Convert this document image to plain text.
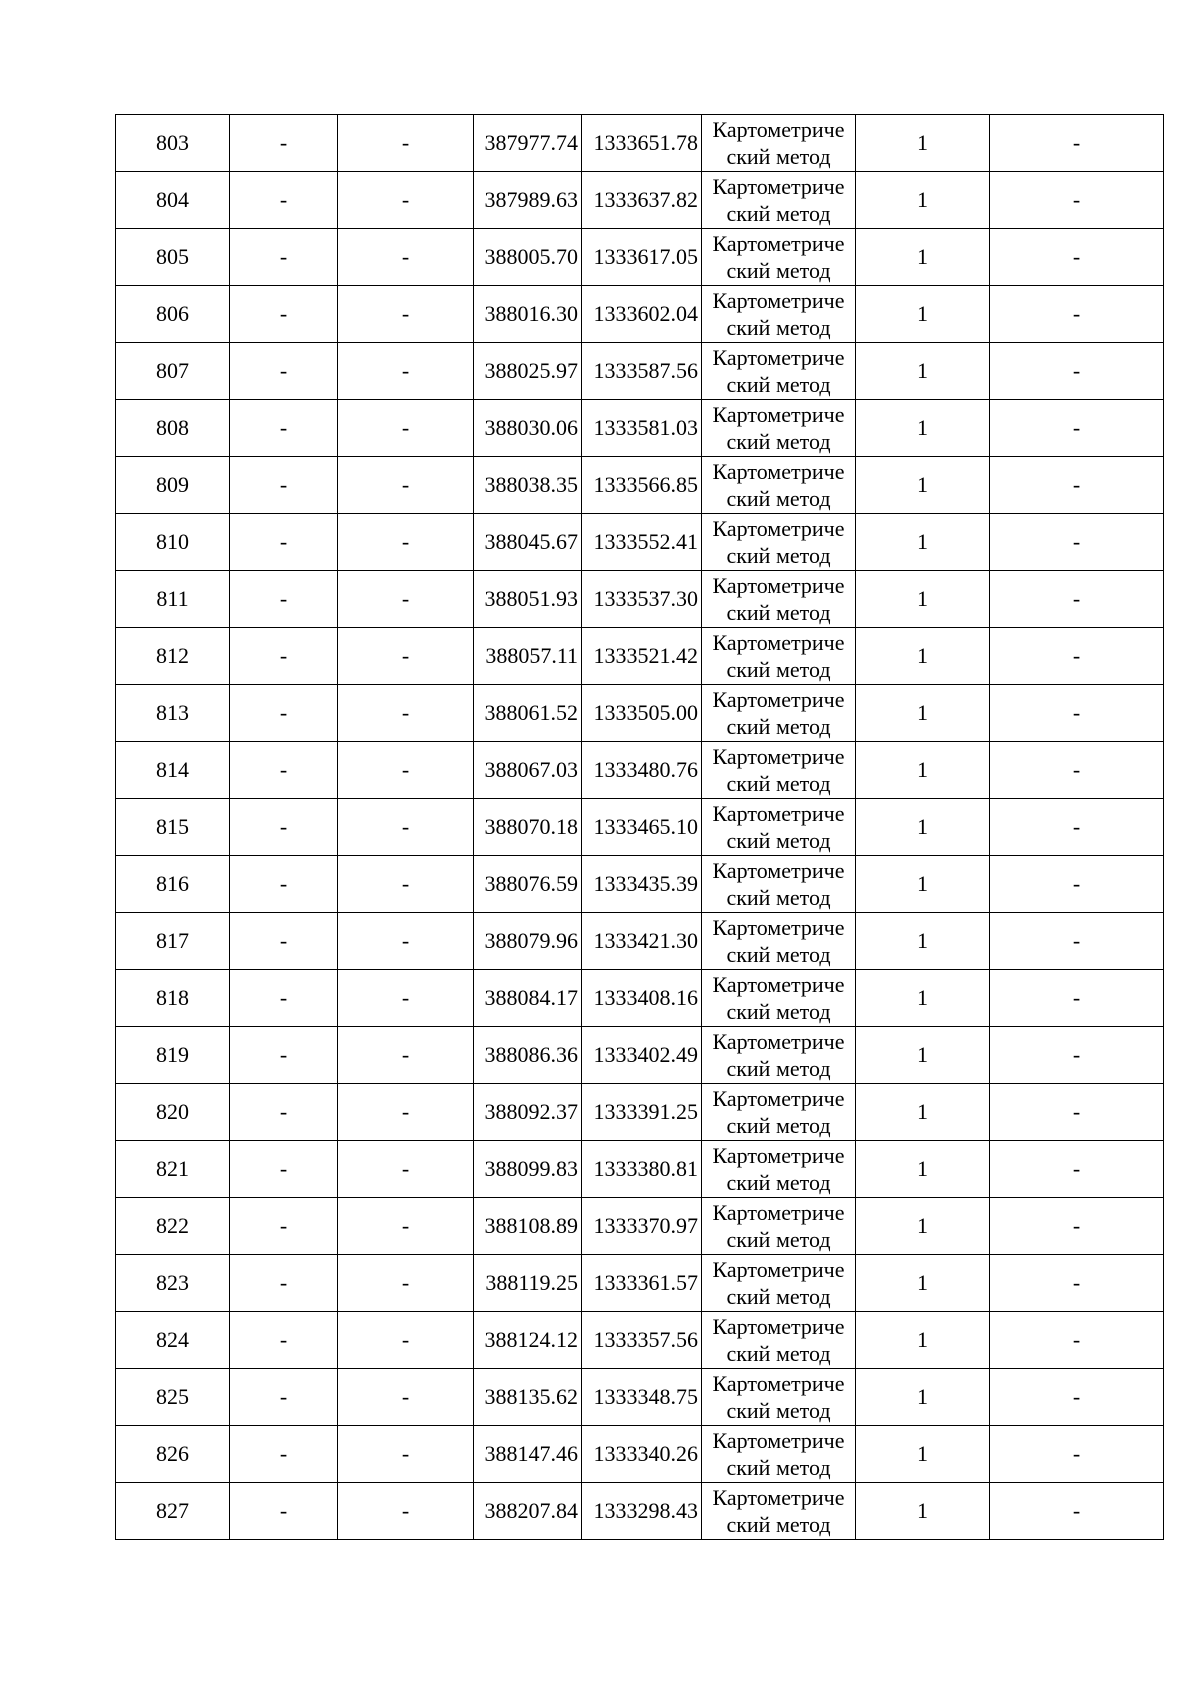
803	-	-	387977.74	1333651.78	Картометриче
ский метод	1	-
804	-	-	387989.63	1333637.82	Картометриче
ский метод	1	-
805	-	-	388005.70	1333617.05	Картометриче
ский метод	1	-
806	-	-	388016.30	1333602.04	Картометриче
ский метод	1	-
807	-	-	388025.97	1333587.56	Картометриче
ский метод	1	-
808	-	-	388030.06	1333581.03	Картометриче
ский метод	1	-
809	-	-	388038.35	1333566.85	Картометриче
ский метод	1	-
810	-	-	388045.67	1333552.41	Картометриче
ский метод	1	-
811	-	-	388051.93	1333537.30	Картометриче
ский метод	1	-
812	-	-	388057.11	1333521.42	Картометриче
ский метод	1	-
813	-	-	388061.52	1333505.00	Картометриче
ский метод	1	-
814	-	-	388067.03	1333480.76	Картометриче
ский метод	1	-
815	-	-	388070.18	1333465.10	Картометриче
ский метод	1	-
816	-	-	388076.59	1333435.39	Картометриче
ский метод	1	-
817	-	-	388079.96	1333421.30	Картометриче
ский метод	1	-
818	-	-	388084.17	1333408.16	Картометриче
ский метод	1	-
819	-	-	388086.36	1333402.49	Картометриче
ский метод	1	-
820	-	-	388092.37	1333391.25	Картометриче
ский метод	1	-
821	-	-	388099.83	1333380.81	Картометриче
ский метод	1	-
822	-	-	388108.89	1333370.97	Картометриче
ский метод	1	-
823	-	-	388119.25	1333361.57	Картометриче
ский метод	1	-
824	-	-	388124.12	1333357.56	Картометриче
ский метод	1	-
825	-	-	388135.62	1333348.75	Картометриче
ский метод	1	-
826	-	-	388147.46	1333340.26	Картометриче
ский метод	1	-
827	-	-	388207.84	1333298.43	Картометриче
ский метод	1	-
